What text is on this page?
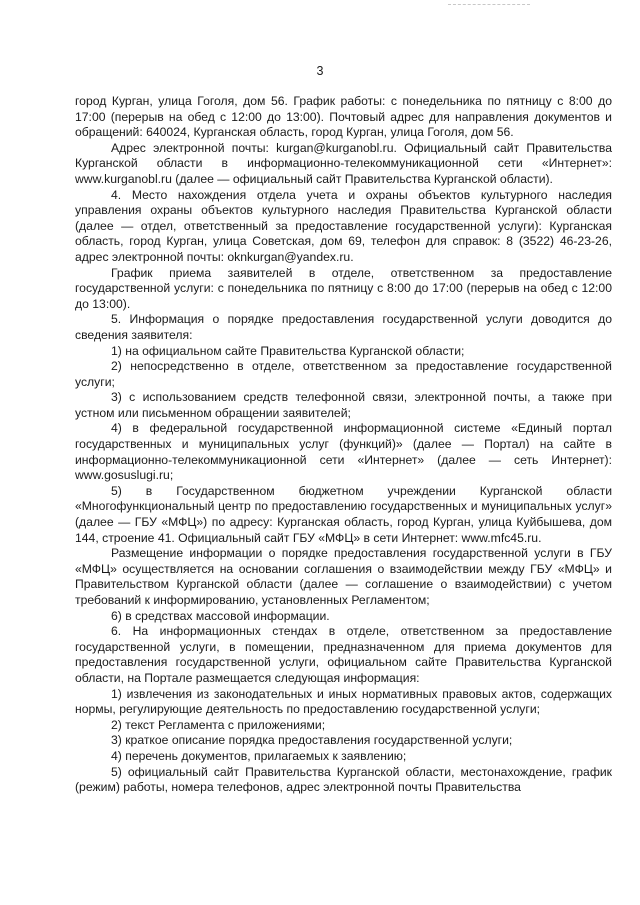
3

город Курган, улица Гоголя, дом 56. График работы: с понедельника по пятницу с 8:00 до 17:00 (перерыв на обед с 12:00 до 13:00). Почтовый адрес для направления документов и обращений: 640024, Курганская область, город Курган, улица Гоголя, дом 56.

Адрес электронной почты: kurgan@kurganobl.ru. Официальный сайт Правительства Курганской области в информационно-телекоммуникационной сети «Интернет»: www.kurganobl.ru (далее — официальный сайт Правительства Курганской области).

4. Место нахождения отдела учета и охраны объектов культурного наследия управления охраны объектов культурного наследия Правительства Курганской области (далее — отдел, ответственный за предоставление государственной услуги): Курганская область, город Курган, улица Советская, дом 69, телефон для справок: 8 (3522) 46-23-26, адрес электронной почты: oknkurgan@yandex.ru.

График приема заявителей в отделе, ответственном за предоставление государственной услуги: с понедельника по пятницу с 8:00 до 17:00 (перерыв на обед с 12:00 до 13:00).

5. Информация о порядке предоставления государственной услуги доводится до сведения заявителя:

1) на официальном сайте Правительства Курганской области;

2) непосредственно в отделе, ответственном за предоставление государственной услуги;

3) с использованием средств телефонной связи, электронной почты, а также при устном или письменном обращении заявителей;

4) в федеральной государственной информационной системе «Единый портал государственных и муниципальных услуг (функций)» (далее — Портал) на сайте в информационно-телекоммуникационной сети «Интернет» (далее — сеть Интернет): www.gosuslugi.ru;

5) в Государственном бюджетном учреждении Курганской области «Многофункциональный центр по предоставлению государственных и муниципальных услуг» (далее — ГБУ «МФЦ») по адресу: Курганская область, город Курган, улица Куйбышева, дом 144, строение 41. Официальный сайт ГБУ «МФЦ» в сети Интернет: www.mfc45.ru.

Размещение информации о порядке предоставления государственной услуги в ГБУ «МФЦ» осуществляется на основании соглашения о взаимодействии между ГБУ «МФЦ» и Правительством Курганской области (далее — соглашение о взаимодействии) с учетом требований к информированию, установленных Регламентом;

6) в средствах массовой информации.

6. На информационных стендах в отделе, ответственном за предоставление государственной услуги, в помещении, предназначенном для приема документов для предоставления государственной услуги, официальном сайте Правительства Курганской области, на Портале размещается следующая информация:

1) извлечения из законодательных и иных нормативных правовых актов, содержащих нормы, регулирующие деятельность по предоставлению государственной услуги;

2) текст Регламента с приложениями;

3) краткое описание порядка предоставления государственной услуги;

4) перечень документов, прилагаемых к заявлению;

5) официальный сайт Правительства Курганской области, местонахождение, график (режим) работы, номера телефонов, адрес электронной почты Правительства
